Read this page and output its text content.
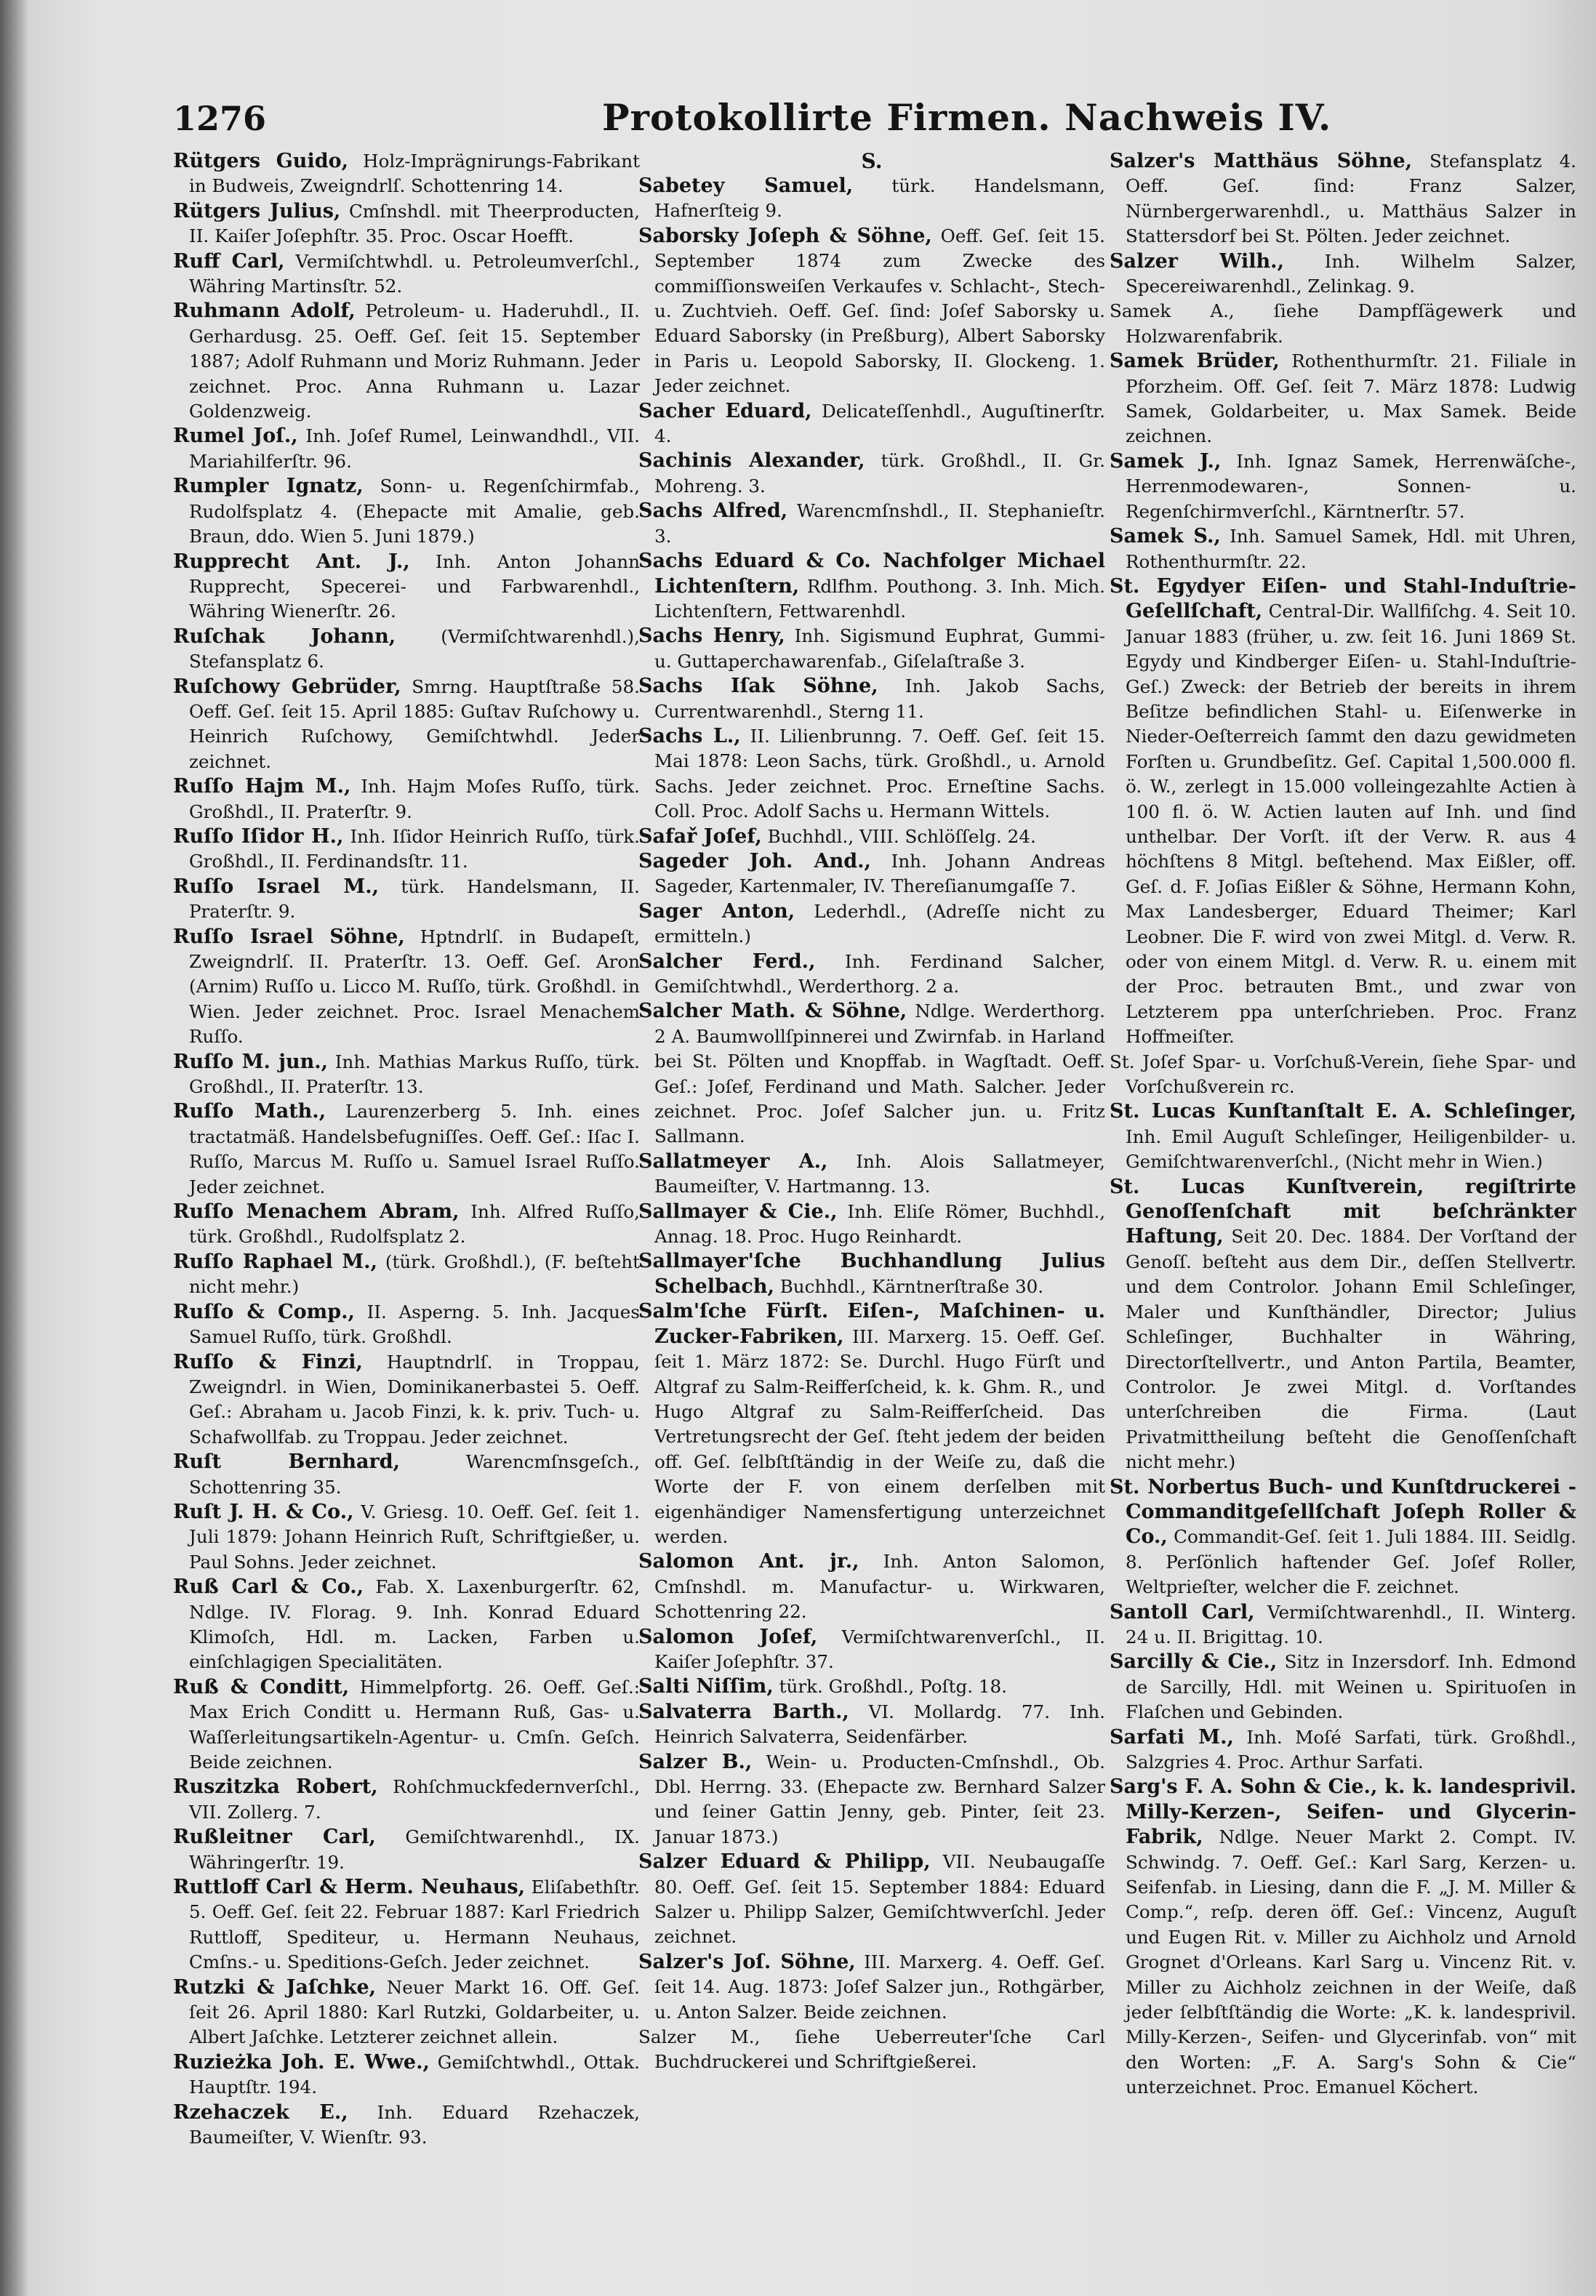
1276	Protokollirte Firmen. Nachweis IV.

Rütgers Guido, Holz-Imprägnirungs-Fabrikant in Budweis, Zweigndrlſ. Schottenring 14.

Rütgers Julius, Cmſnshdl. mit Theerproducten, II. Kaiſer Joſephſtr. 35. Proc. Oscar Hoefft.

Ruff Carl, Vermiſchtwhdl. u. Petroleumverſchl., Währing Martinsſtr. 52.

Ruhmann Adolf, Petroleum- u. Haderuhdl., II. Gerhardusg. 25. Oeff. Geſ. ſeit 15. September 1887; Adolf Ruhmann und Moriz Ruhmann. Jeder zeichnet. Proc. Anna Ruhmann u. Lazar Goldenzweig.

Rumel Joſ., Inh. Joſef Rumel, Leinwandhdl., VII. Mariahilferſtr. 96.

Rumpler Ignatz, Sonn- u. Regenſchirmfab., Rudolfsplatz 4. (Ehepacte mit Amalie, geb. Braun, ddo. Wien 5. Juni 1879.)

Rupprecht Ant. J., Inh. Anton Johann Rupprecht, Specerei- und Farbwarenhdl., Währing Wienerſtr. 26.

Ruſchak Johann,	(Vermiſchtwarenhdl.), Stefansplatz 6.

Ruſchowy Gebrüder, Smrng. Hauptſtraße 58. Oeff. Geſ. ſeit 15. April 1885: Guſtav Ruſchowy u. Heinrich Ruſchowy, Gemiſchtwhdl. Jeder zeichnet.

Ruſſo Hajm M., Inh. Hajm Moſes Ruſſo, türk. Großhdl., II. Praterſtr. 9.

Ruſſo Iſidor H., Inh. Iſidor Heinrich Ruſſo, türk. Großhdl., II. Ferdinandsſtr. 11.

Ruſſo Israel M., türk. Handelsmann, II. Praterſtr. 9.

Ruſſo Israel Söhne, Hptndrlſ. in Budapeſt, Zweigndrlſ. II. Praterſtr. 13. Oeff. Geſ. Aron (Arnim) Ruſſo u. Licco M. Ruſſo, türk. Großhdl. in Wien. Jeder zeichnet. Proc. Israel Menachem Ruſſo.

Ruſſo M. jun., Inh. Mathias Markus Ruſſo, türk. Großhdl., II. Praterſtr. 13.

Ruſſo Math., Laurenzerberg 5. Inh. eines tractatmäß. Handelsbefugniſſes. Oeff. Geſ.: Iſac I. Ruſſo, Marcus M. Ruſſo u. Samuel Israel Ruſſo. Jeder zeichnet.

Ruſſo Menachem Abram, Inh. Alfred Ruſſo, türk. Großhdl., Rudolfsplatz 2.

Ruſſo Raphael M., (türk. Großhdl.), (F. beſteht nicht mehr.)

Ruſſo & Comp., II. Asperng. 5. Inh. Jacques Samuel Ruſſo, türk. Großhdl.

Ruſſo & Finzi, Hauptndrlſ. in Troppau, Zweigndrl. in Wien, Dominikanerbastei 5. Oeff. Geſ.: Abraham u. Jacob Finzi, k. k. priv. Tuch- u. Schafwollfab. zu Troppau. Jeder zeichnet.

Ruſt Bernhard,	Warencmſnsgeſch., Schottenring 35.

Ruſt J. H. & Co., V. Griesg. 10. Oeff. Geſ. ſeit 1. Juli 1879: Johann Heinrich Ruſt, Schriftgießer, u. Paul Sohns. Jeder zeichnet.

Ruß Carl & Co., Fab. X. Laxenburgerſtr. 62, Ndlge. IV. Florag. 9. Inh. Konrad Eduard Klimoſch, Hdl. m. Lacken, Farben u. einſchlagigen Specialitäten.

Ruß & Conditt, Himmelpfortg. 26. Oeff. Geſ.: Max Erich Conditt u. Hermann Ruß, Gas- u. Waſſerleitungsartikeln-Agentur- u. Cmſn. Geſch. Beide zeichnen.

Ruszitzka Robert, Rohſchmuckfedernverſchl., VII. Zollerg. 7.

Rußleitner Carl, Gemiſchtwarenhdl., IX. Währingerſtr. 19.

Ruttloff Carl & Herm. Neuhaus, Eliſabethſtr. 5. Oeff. Geſ. ſeit 22. Februar 1887: Karl Friedrich Ruttloff, Spediteur, u. Hermann Neuhaus, Cmſns.- u. Speditions-Geſch. Jeder zeichnet.

Rutzki & Jaſchke, Neuer Markt 16. Off. Geſ. ſeit 26. April 1880: Karl Rutzki, Goldarbeiter, u. Albert Jaſchke. Letzterer zeichnet allein.

Ruzieżka Joh. E. Wwe., Gemiſchtwhdl., Ottak. Hauptſtr. 194.

Rzehaczek E., Inh. Eduard Rzehaczek, Baumeiſter, V. Wienſtr. 93.

S.

Sabetey Samuel, türk. Handelsmann, Hafnerſteig 9.

Saborsky Joſeph & Söhne, Oeff. Geſ. ſeit 15. September 1874 zum Zwecke des commiſſionsweiſen Verkaufes v. Schlacht-, Stech- u. Zuchtvieh. Oeff. Geſ. ſind: Joſef Saborsky u. Eduard Saborsky (in Preßburg), Albert Saborsky in Paris u. Leopold Saborsky, II. Glockeng. 1. Jeder zeichnet.

Sacher Eduard, Delicateſſenhdl., Auguſtinerſtr. 4.

Sachinis Alexander, türk. Großhdl., II. Gr. Mohreng. 3.

Sachs Alfred, Warencmſnshdl., II. Stephanieſtr. 3.

Sachs Eduard & Co. Nachfolger Michael Lichtenſtern, Rdlfhm. Pouthong. 3. Inh. Mich. Lichtenſtern, Fettwarenhdl.

Sachs Henry, Inh. Sigismund Euphrat, Gummi- u. Guttaperchawarenfab., Giſelaſtraße 3.

Sachs Iſak Söhne, Inh. Jakob Sachs, Currentwarenhdl., Sterng 11.

Sachs L., II. Lilienbrunng. 7. Oeff. Geſ. ſeit 15. Mai 1878: Leon Sachs, türk. Großhdl., u. Arnold Sachs. Jeder zeichnet. Proc. Erneſtine Sachs. Coll. Proc. Adolf Sachs u. Hermann Wittels.

Safař Joſef, Buchhdl., VIII. Schlöſſelg. 24.

Sageder Joh. And., Inh. Johann Andreas Sageder, Kartenmaler, IV. Thereſianumgaſſe 7.

Sager Anton, Lederhdl., (Adreſſe nicht zu ermitteln.)

Salcher Ferd., Inh. Ferdinand Salcher, Gemiſchtwhdl., Werderthorg. 2 a.

Salcher Math. & Söhne, Ndlge. Werderthorg. 2 A. Baumwollſpinnerei und Zwirnfab. in Harland bei St. Pölten und Knopffab. in Wagſtadt. Oeff. Geſ.: Joſef, Ferdinand und Math. Salcher. Jeder zeichnet. Proc. Joſef Salcher jun. u. Fritz Sallmann.

Sallatmeyer A., Inh. Alois Sallatmeyer, Baumeiſter, V. Hartmanng. 13.

Sallmayer & Cie., Inh. Eliſe Römer, Buchhdl., Annag. 18. Proc. Hugo Reinhardt.

Sallmayer'ſche Buchhandlung Julius Schelbach, Buchhdl., Kärntnerſtraße 30.

Salm'ſche Fürſt. Eiſen-, Maſchinen- u. Zucker-Fabriken, III. Marxerg. 15. Oeff. Geſ. ſeit 1. März 1872: Se. Durchl. Hugo Fürſt und Altgraf zu Salm-Reifferſcheid, k. k. Ghm. R., und Hugo Altgraf zu Salm-Reifferſcheid. Das Vertretungsrecht der Geſ. ſteht jedem der beiden off. Geſ. ſelbſtſtändig in der Weiſe zu, daß die Worte der F. von einem derſelben mit eigenhändiger Namensfertigung unterzeichnet werden.

Salomon Ant. jr., Inh. Anton Salomon, Cmſnshdl. m. Manufactur- u. Wirkwaren, Schottenring 22.

Salomon Joſef, Vermiſchtwarenverſchl., II. Kaiſer Joſephſtr. 37.

Salti Niſſim, türk. Großhdl., Poſtg. 18.

Salvaterra Barth., VI. Mollardg. 77. Inh. Heinrich Salvaterra, Seidenfärber.

Salzer B., Wein- u. Producten-Cmſnshdl., Ob. Dbl. Herrng. 33. (Ehepacte zw. Bernhard Salzer und ſeiner Gattin Jenny, geb. Pinter, ſeit 23. Januar 1873.)

Salzer Eduard & Philipp, VII. Neubaugaſſe 80. Oeff. Geſ. ſeit 15. September 1884: Eduard Salzer u. Philipp Salzer, Gemiſchtwverſchl. Jeder zeichnet.

Salzer's Joſ. Söhne, III. Marxerg. 4. Oeff. Geſ. ſeit 14. Aug. 1873: Joſef Salzer jun., Rothgärber, u. Anton Salzer. Beide zeichnen.

Salzer M., ſiehe Ueberreuter'ſche Carl Buchdruckerei und Schriftgießerei.

Salzer's Matthäus Söhne, Stefansplatz 4. Oeff. Geſ. ſind: Franz Salzer, Nürnbergerwarenhdl., u. Matthäus Salzer in Stattersdorf bei St. Pölten. Jeder zeichnet.

Salzer Wilh., Inh. Wilhelm Salzer, Specereiwarenhdl., Zelinkag. 9.

Samek A., ſiehe Dampfſägewerk und Holzwarenfabrik.

Samek Brüder, Rothenthurmſtr. 21. Filiale in Pforzheim. Off. Geſ. ſeit 7. März 1878: Ludwig Samek, Goldarbeiter, u. Max Samek. Beide zeichnen.

Samek J., Inh. Ignaz Samek, Herrenwäſche-, Herrenmodewaren-, Sonnen- u. Regenſchirmverſchl., Kärntnerſtr. 57.

Samek S., Inh. Samuel Samek, Hdl. mit Uhren, Rothenthurmſtr. 22.

St. Egydyer Eiſen- und Stahl-Induſtrie-Geſellſchaft, Central-Dir. Wallfiſchg. 4. Seit 10. Januar 1883 (früher, u. zw. ſeit 16. Juni 1869 St. Egydy und Kindberger Eiſen- u. Stahl-Induſtrie-Geſ.) Zweck: der Betrieb der bereits in ihrem Beſitze befindlichen Stahl- u. Eiſenwerke in Nieder-Oeſterreich ſammt den dazu gewidmeten Forſten u. Grundbeſitz. Geſ. Capital 1,500.000 fl. ö. W., zerlegt in 15.000 volleingezahlte Actien à 100 fl. ö. W. Actien lauten auf Inh. und ſind unthelbar. Der Vorſt. iſt der Verw. R. aus 4 höchſtens 8 Mitgl. beſtehend. Max Eißler, off. Geſ. d. F. Joſias Eißler & Söhne, Hermann Kohn, Max Landesberger, Eduard Theimer; Karl Leobner. Die F. wird von zwei Mitgl. d. Verw. R. oder von einem Mitgl. d. Verw. R. u. einem mit der Proc. betrauten Bmt., und zwar von Letzterem ppa unterſchrieben. Proc. Franz Hoffmeiſter.

St. Joſef Spar- u. Vorſchuß-Verein, ſiehe Spar- und Vorſchußverein rc.

St. Lucas Kunſtanſtalt E. A. Schleſinger, Inh. Emil Auguſt Schleſinger, Heiligenbilder- u. Gemiſchtwarenverſchl., (Nicht mehr in Wien.)

St. Lucas Kunſtverein, regiſtrirte Genoſſenſchaft mit beſchränkter Haftung, Seit 20. Dec. 1884. Der Vorſtand der Genoſſ. beſteht aus dem Dir., deſſen Stellvertr. und dem Controlor. Johann Emil Schleſinger, Maler und Kunſthändler, Director; Julius Schleſinger, Buchhalter in Währing, Directorſtellvertr., und Anton Partila, Beamter, Controlor. Je zwei Mitgl. d. Vorſtandes unterſchreiben die Firma. (Laut Privatmittheilung beſteht die Genoſſenſchaft nicht mehr.)

St. Norbertus Buch- und Kunſtdruckerei - Commanditgeſellſchaft Joſeph Roller & Co., Commandit-Geſ. ſeit 1. Juli 1884. III. Seidlg. 8. Perſönlich haftender Geſ. Joſef Roller, Weltprieſter, welcher die F. zeichnet.

Santoll Carl, Vermiſchtwarenhdl., II. Winterg. 24 u. II. Brigittag. 10.

Sarcilly & Cie., Sitz in Inzersdorf. Inh. Edmond de Sarcilly, Hdl. mit Weinen u. Spirituoſen in Flaſchen und Gebinden.

Sarfati M., Inh. Moſé Sarfati, türk. Großhdl., Salzgries 4. Proc. Arthur Sarfati.

Sarg's F. A. Sohn & Cie., k. k. landesprivil. Milly-Kerzen-, Seifen- und Glycerin-Fabrik, Ndlge. Neuer Markt 2. Compt. IV. Schwindg. 7. Oeff. Geſ.: Karl Sarg, Kerzen- u. Seifenfab. in Liesing, dann die F. „J. M. Miller & Comp.“, reſp. deren öff. Geſ.: Vincenz, Auguſt und Eugen Rit. v. Miller zu Aichholz und Arnold Grognet d'Orleans. Karl Sarg u. Vincenz Rit. v. Miller zu Aichholz zeichnen in der Weiſe, daß jeder ſelbſtſtändig die Worte: „K. k. landesprivil. Milly-Kerzen-, Seifen- und Glycerinfab. von“ mit den Worten: „F. A. Sarg's Sohn & Cie“ unterzeichnet. Proc. Emanuel Köchert.
